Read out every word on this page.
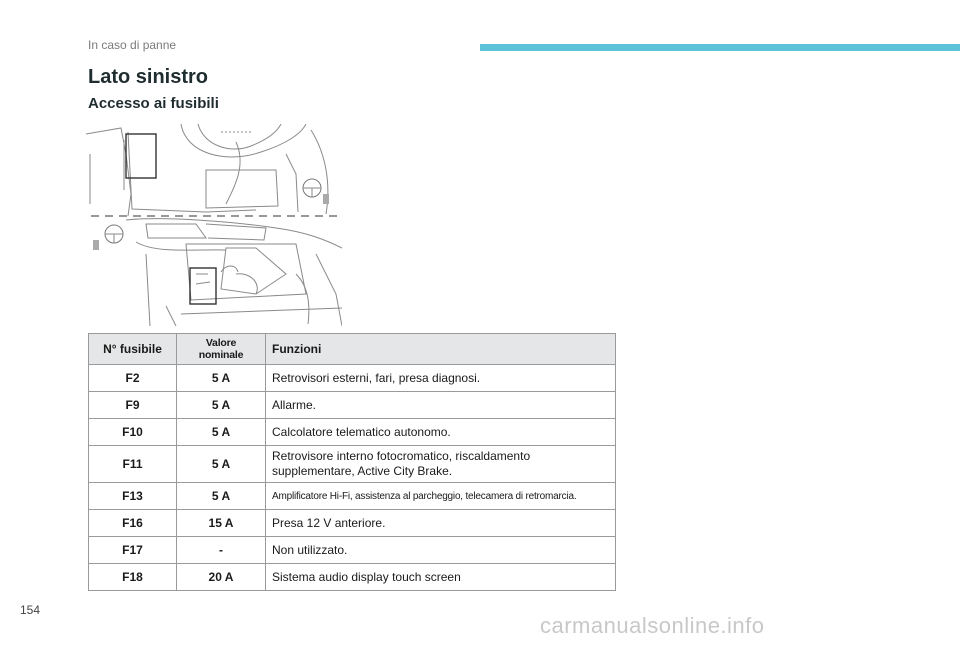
In caso di panne
Lato sinistro
Accesso ai fusibili
N° fusibile	Valore nominale	Funzioni
F2	5 A	Retrovisori esterni, fari, presa diagnosi.
F9	5 A	Allarme.
F10	5 A	Calcolatore telematico autonomo.
F11	5 A	Retrovisore interno fotocromatico, riscaldamento supplementare, Active City Brake.
F13	5 A	Amplificatore Hi-Fi, assistenza al parcheggio, telecamera di retromarcia.
F16	15 A	Presa 12 V anteriore.
F17	-	Non utilizzato.
F18	20 A	Sistema audio display touch screen
154
carmanualsonline.info
